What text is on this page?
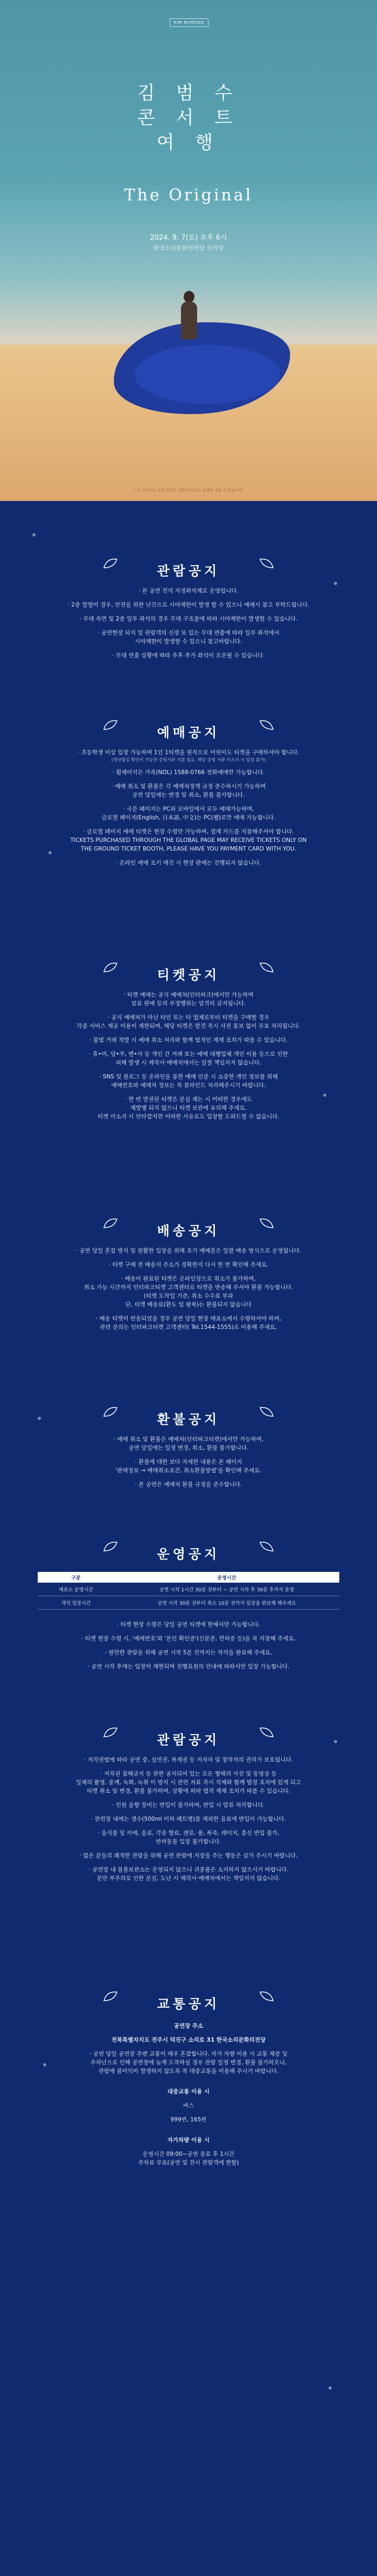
KIM BUMSOO
김 범 수
콘 서 트
여 행
The Original
2024. 9. 7(토) 오후 6시
한국소리문화의전당 모악당
* 본 이미지는 공연 홍보를 위한 이미지로 실제와 다를 수 있습니다.
관람공지

· 본 공연 전석 지정좌석제로 운영됩니다.

· 2층 발열이 경우, 안전을 위한 난간으로 시야제한이 발생 할 수 있으니 예매시 참고 부탁드립니다.

· 무대 측면 및 2층 일부 좌석의 경우 무대 구조물에 따라 시야제한이 발생할 수 있습니다.

· 공연현장 되지 및 관람객의 신장 또 있는 무대 연출에 따라 일부 좌석에서

시야제한이 발생할 수 있으니 참고바랍니다.

· 무대 연출 상황에 따라 추후 추가 좌석이 오픈될 수 있습니다.

예매공지

· 초등학생 이상 입장 가능하며 1인 1티켓을 원칙으로 어린이도 티켓을 구매하셔야 합니다.

(생년월일 확인이 가능한 증빙서류 지참 필요. 해당 증빙 서류 미소지 시 입장 불가)

· 휠체어석은 가족(NOL) 1588-0766 전화예매만 가능합니다.

· 예매 취소 및 환불은 각 예매처정책 규정 준수하시기 가능하며

공연 당일에는 변경 및 취소, 환불 불가합니다.

· 국문 페이지는 PC와 모바일에서 모두 예매가능하며,

글로벌 페이지(English, 日本語, 中文)는 PC(웹)로만 예매 가능합니다.

· 글로벌 페이지 예매 티켓은 현장 수령만 가능하며, 결제 카드를 지참해주셔야 합니다.

TICKETS PURCHASED THROUGH THE GLOBAL PAGE MAY RECEIVE TICKETS ONLY ON

THE GROUND TICKET BOOTH, PLEASE HAVE YOU PAYMENT CARD WITH YOU.

· 온라인 예매 조기 매진 시 현장 판매는 진행되지 않습니다.

티켓공지

· 티켓 예매는 공식 예매처(인터파크)에서만 가능하며

암표 판매 등의 부정행위는 엄격히 금지됩니다.

· 공식 예매처가 아닌 타인 또는 타 업체로부터 티켓을 구매할 경우

각종 서비스 제공 이용이 제한되며, 해당 티켓은 발견 즉시 사전 통보 없이 무효 처리됩니다.

· 불법 거래 적발 시 예매 취소 처리와 함께 법적인 제재 조치가 따를 수 있습니다.

· 휴•미, 당•쿠, 벤•사 등 개인 간 거래 또는 예매 대행업체 개인 이용 등으로 인한

피해 발생 시 제작사·예매처에서는 일절 책임지지 않습니다.

· SNS 및 블로그 등 온라인을 통한 예매 인증 시 소중한 개인 정보를 위해

예매번호와 예매자 정보는 꼭 블라인드 처리해주시기 바랍니다.

· 한 번 발권된 티켓은 분실 재는 시 어떠한 경우에도

재발행 되지 않으니 티켓 보관에 유의해 주세요.

티켓 미소지 시 안타깝지만 어떠한 사유로도 입장할 도와드릴 수 없습니다.

배송공지

· 공연 당일 혼잡 방지 및 원활한 입장을 위해 초기 예매분은 일괄 배송 방식으로 운영됩니다.

· 티켓 구매 전 배송지 주소가 정확한지 다시 한 번 확인해 주세요.

· 배송이 완료된 티켓은 온라인상으로 취소가 불가하며,

취소 가능 시간까지 인터파크티켓 고객센터로 티켓을 반송해 주셔야 환불 가능합니다.

(티켓 도착일 기준, 취소 수수료 부과

단, 티켓 배송료(환도 및 왕복)는 환불되지 않습니다

· 배송 티켓이 반송되었을 경우 공연 당일 현장 매표소에서 수령하셔야 하며,

관련 문의는 인터파크티켓 고객센터( Tel.1544-1555)로 이용해 주세요.

환불공지

· 예매 취소 및 환불은 예매처(인터파크티켓)에서만 가능하며,

공연 당일에는 일정 변경, 취소, 환불 불가합니다.

· 환불에 대한 보다 자세한 내용은 본 페이지

'판매정보 → 예매취소조건, 취소환불방법'을 확인해 주세요.

· 본 공연은 예매처 환불 규정을 준수합니다.

운영공지
구분	운영시간
매표소 운영시간	공연 시작 1시간 30분 전부터 ~ 공연 시작 후 30분 후까지 운영
객석 입장시간	공연 시작 30분 전부터 취소 10분 전까지 입장을 완료해 해주세요

· 티켓 현장 수령은 당일 공연 티켓에 한해서만 가능합니다.

· 티켓 현장 수령 시, '예매번호'와 '본인 확인증'(신분증, 면허증 등)을 꼭 지참해 주세요.

· 원만한 관람을 위해 공연 시작 5분 전까지는 착석을 완료해 주세요.

· 공연 시작 후에는 입장이 제한되며 진행요원의 안내에 따라서만 입장 가능합니다.

관람공지

· 저작권법에 따라 공연 중, 실연권, 복제권 등 저자자 및 창작자의 권리가 보호됩니다.

· 저작권 침해금지 등 관한 공지되어 있는 모든 형태의 사진 및 동영상 등

일체의 촬영, 중계, 녹화, 녹취 이 방지 시 관련 자료 즉시 삭제와 함께 법정 조치에 있게 되고

티켓 취소 및 변경, 환불 불가하며, 상황에 따라 법적 제재 조치가 따를 수 있습니다.

· 인원 음향 장비는 반입이 불가하며, 반입 시 압류 처리합니다.

· 관련장 내에는 생수(500ml 이하 페트병)를 제외한 음료에 반입이 가능합니다.

· 음식물 및 카메, 음료, 각종 향료, 캔류, 풍, 폭죽, 레이저, 총신 반입 불가,

반려동물 입장 불가합니다.

· 많은 분들의 쾌적한 관람을 위해 공연 관람에 지장을 주는 행동은 삼가 주시기 바랍니다.

· 공연장 내 불볼보관소는 운영되지 않으니 귀중품은 소지하지 않으시기 바랍니다.

분만 부주의로 인한 분실, 도난 시 제작사·예매처에서는 책임지지 않습니다.

교통공지

공연장 주소

전북특별자치도 전주시 덕진구 소리로 31 한국소리문화의전당

· 공연 당일 공연장 주변 교통이 매우 혼잡합니다. 자가 차량 이용 시 교통 체증 및

주차난으로 인해 공연장에 늦게 도착하실 경우 관람 일정 변경, 환불 불가하오니,

관람에 불이익이 발생하지 않도록 꼭 대중교통을 이용해 주시기 바랍니다.

대중교통 이용 시

버스

999번, 165번

자가차량 이용 시

운영시간 09:00~공연 종료 후 1시간

주차료 무료(공연 및 전시 관람객에 한함)
